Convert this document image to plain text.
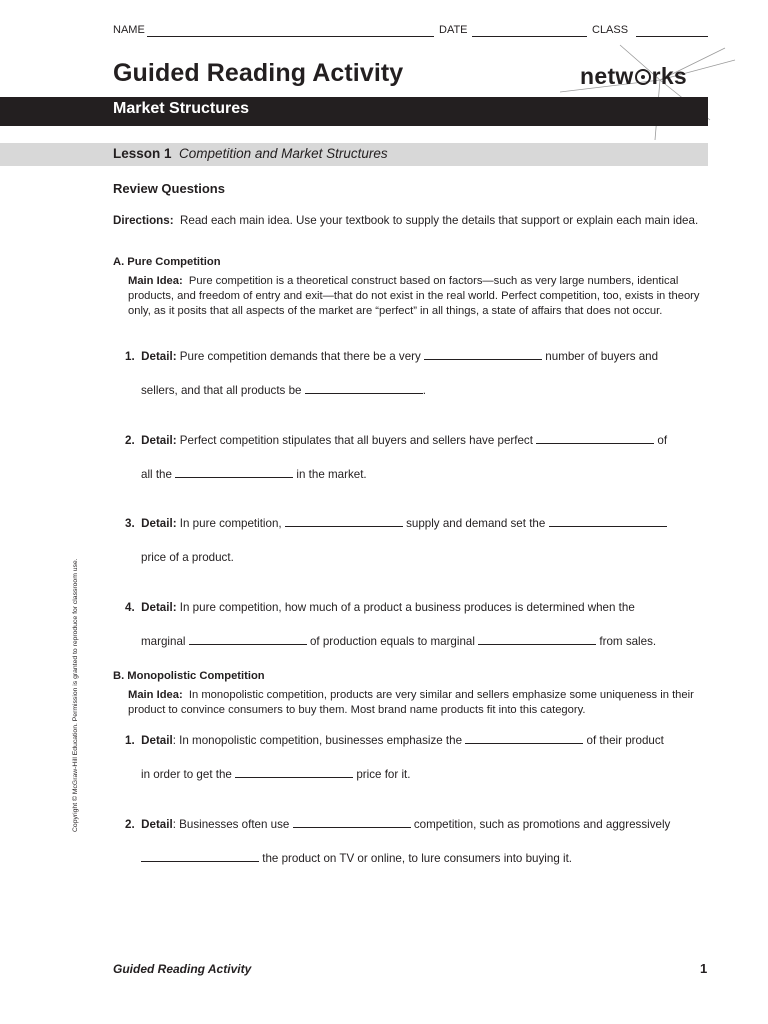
NAME	DATE	CLASS
Guided Reading Activity	netw rks
Market Structures
Lesson 1 Competition and Market Structures
Review Questions
Directions: Read each main idea. Use your textbook to supply the details that support or explain each main idea.
A. Pure Competition
Main Idea: Pure competition is a theoretical construct based on factors—such as very large numbers, identical products, and freedom of entry and exit—that do not exist in the real world. Perfect competition, too, exists in theory only, as it posits that all aspects of the market are “perfect” in all things, a state of affairs that does not occur.
1. Detail: Pure competition demands that there be a very	number of buyers and
sellers, and that all products be	.
2. Detail: Perfect competition stipulates that all buyers and sellers have perfect	of
all the	in the market.
3. Detail: In pure competition,	supply and demand set the
price of a product.
4. Detail: In pure competition, how much of a product a business produces is determined when the
marginal	of production equals to marginal	from sales.
B. Monopolistic Competition
Main Idea: In monopolistic competition, products are very similar and sellers emphasize some uniqueness in their product to convince consumers to buy them. Most brand name products fit into this category.
1. Detail: In monopolistic competition, businesses emphasize the	of their product
in order to get the	price for it.
2. Detail: Businesses often use	competition, such as promotions and aggressively
the product on TV or online, to lure consumers into buying it.
Copyright © McGraw-Hill Education. Permission is granted to reproduce for classroom use.
Guided Reading Activity	1
